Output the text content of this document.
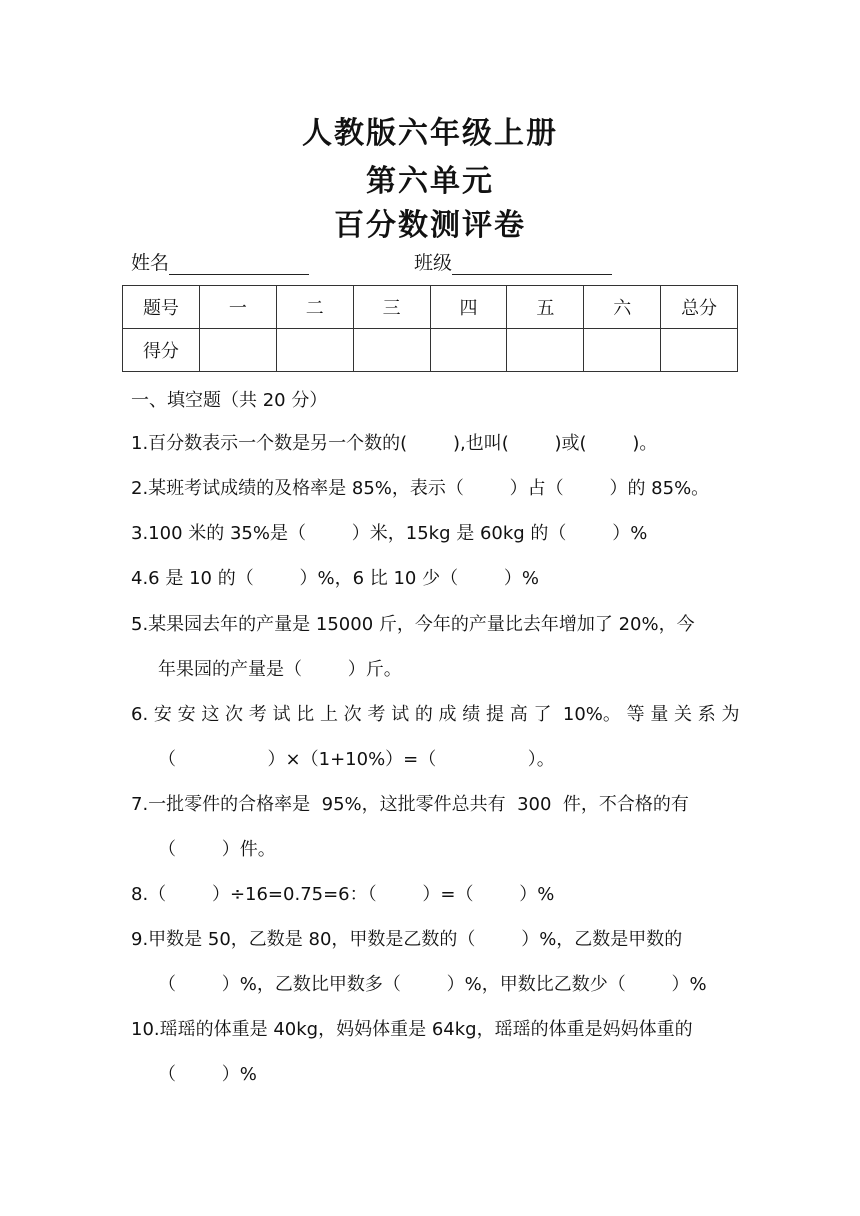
人教版六年级上册
第六单元
百分数测评卷
姓名	班级
题号	一	二	三	四	五	六	总分
得分							
一、填空题（共 20 分）
1.百分数表示一个数是另一个数的(        ),也叫(        )或(        )。
2.某班考试成绩的及格率是 85%，表示（        ）占（        ）的 85%。
3.100 米的 35%是（        ）米，15kg 是 60kg 的（        ）%
4.6 是 10 的（        ）%，6 比 10 少（        ）%
5.某果园去年的产量是 15000 斤，今年的产量比去年增加了 20%，今
年果园的产量是（        ）斤。
6. 安 安 这 次 考 试 比 上 次 考 试 的 成 绩 提 高 了  10%。 等 量 关 系 为
（                ）×（1+10%）=（                ）。
7.一批零件的合格率是  95%，这批零件总共有  300  件，不合格的有
（        ）件。
8.（        ）÷16=0.75=6：（        ）=（        ）%
9.甲数是 50，乙数是 80，甲数是乙数的（        ）%，乙数是甲数的
（        ）%，乙数比甲数多（        ）%，甲数比乙数少（        ）%
10.瑶瑶的体重是 40kg，妈妈体重是 64kg，瑶瑶的体重是妈妈体重的
（        ）%
